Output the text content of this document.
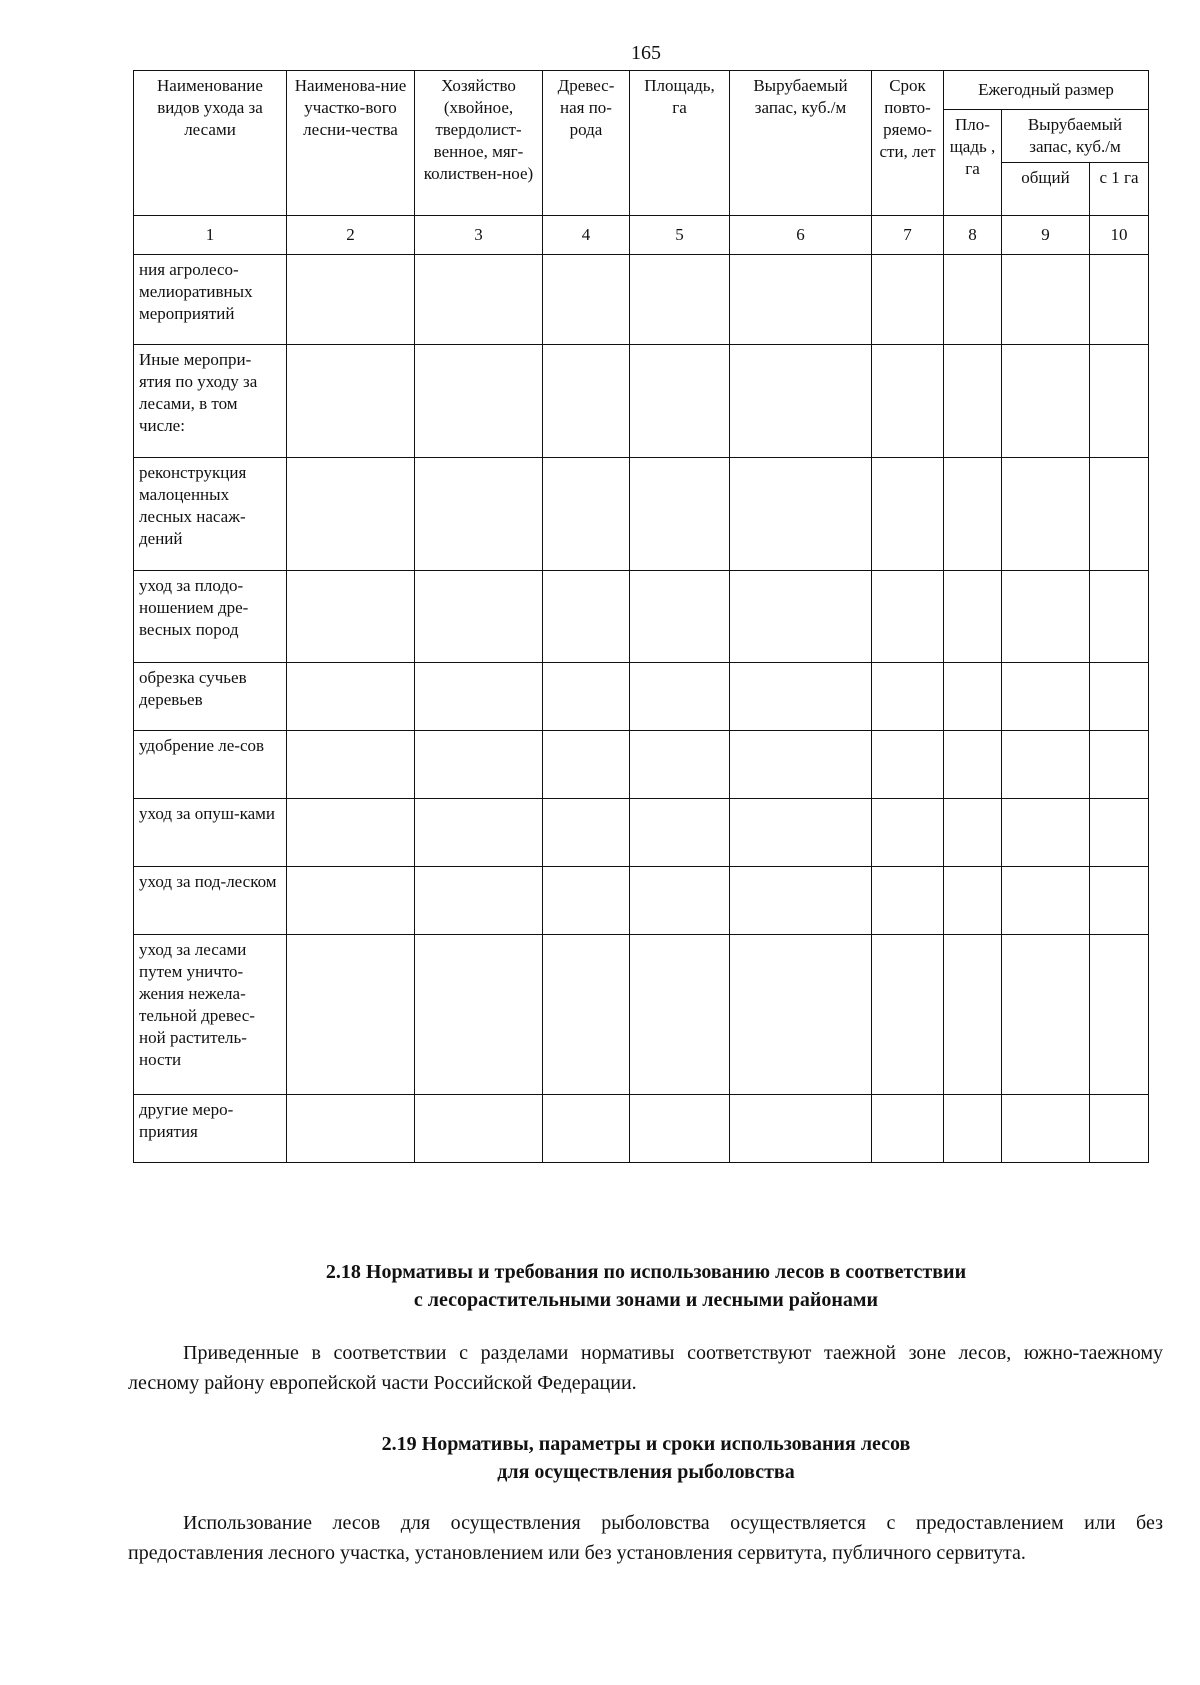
165
Наименование видов ухода за лесами	Наименова-ние участко-вого лесни-чества	Хозяйство (хвойное, твердолист-венное, мяг-колиствен-ное)	Древес-ная по-рода	Площадь, га	Вырубаемый запас, куб./м	Срок повто-ряемо-сти, лет	Ежегодный размер		
							Пло-щадь , га	Вырубаемый запас, куб./м	
								общий	с 1 га
1	2	3	4	5	6	7	8	9	10
ния агролесо-мелиоративных мероприятий									
Иные меропри-ятия по уходу за лесами, в том числе:									
реконструкция малоценных лесных насаж-дений									
уход за плодо-ношением дре-весных пород									
обрезка сучьев деревьев									
удобрение ле-сов									
уход за опуш-ками									
уход за под-леском									
уход за лесами путем уничто-жения нежела-тельной древес-ной раститель-ности									
другие меро-приятия									
2.18 Нормативы и требования по использованию лесов в соответствии
с лесорастительными зонами и лесными районами
Приведенные в соответствии с разделами нормативы соответствуют таежной зоне лесов, южно-таежному лесному району европейской части Российской Федерации.
2.19 Нормативы, параметры и сроки использования лесов
для осуществления рыболовства
Использование лесов для осуществления рыболовства осуществляется с предоставлением или без предоставления лесного участка, установлением или без установления сервитута, публичного сервитута.
